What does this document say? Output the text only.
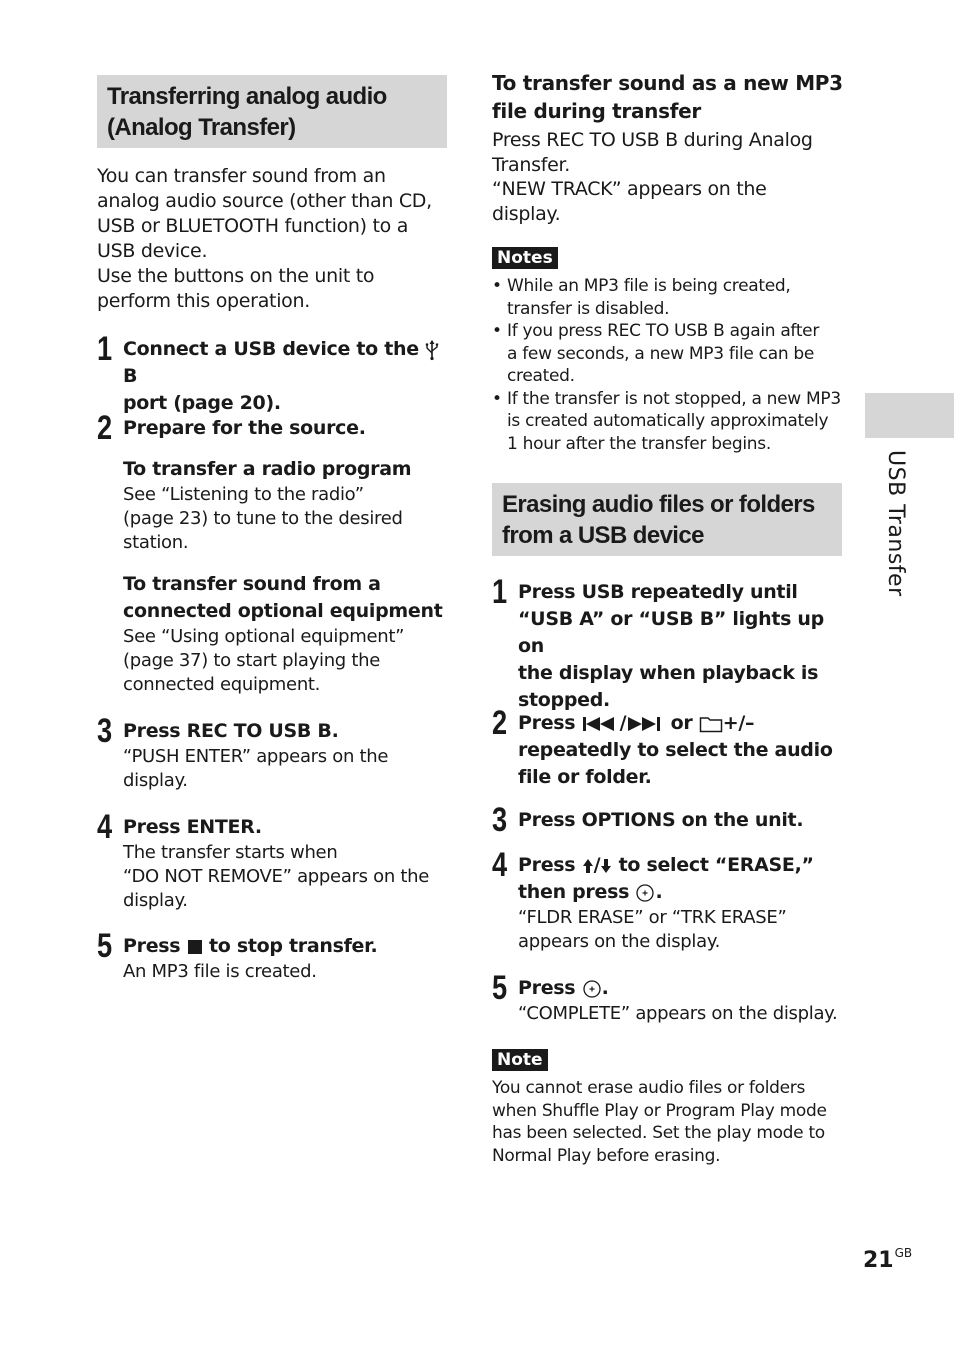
Transferring analog audio
(Analog Transfer)
You can transfer sound from an
analog audio source (other than CD,
USB or BLUETOOTH function) to a
USB device.
Use the buttons on the unit to
perform this operation.
1 Connect a USB device to the B
port (page 20).
2 Prepare for the source.
To transfer a radio program
See “Listening to the radio”
(page 23) to tune to the desired
station.
To transfer sound from a
connected optional equipment
See “Using optional equipment”
(page 37) to start playing the
connected equipment.
3 Press REC TO USB B.
“PUSH ENTER” appears on the
display.
4 Press ENTER.
The transfer starts when
“DO NOT REMOVE” appears on the
display.
5 Press to stop transfer.
An MP3 file is created.
To transfer sound as a new MP3
file during transfer
Press REC TO USB B during Analog
Transfer.
“NEW TRACK” appears on the
display.
Notes
• While an MP3 file is being created,
transfer is disabled.
• If you press REC TO USB B again after
a few seconds, a new MP3 file can be
created.
• If the transfer is not stopped, a new MP3
is created automatically approximately
1 hour after the transfer begins.
Erasing audio files or folders
from a USB device
1 Press USB repeatedly until
“USB A” or “USB B” lights up on
the display when playback is
stopped.
2 Press / or +/–
repeatedly to select the audio
file or folder.
3 Press OPTIONS on the unit.
4 Press / to select “ERASE,”
then press .
“FLDR ERASE” or “TRK ERASE”
appears on the display.
5 Press .
“COMPLETE” appears on the display.
Note
You cannot erase audio files or folders
when Shuffle Play or Program Play mode
has been selected. Set the play mode to
Normal Play before erasing.
USB Transfer
$21^{GB}$
